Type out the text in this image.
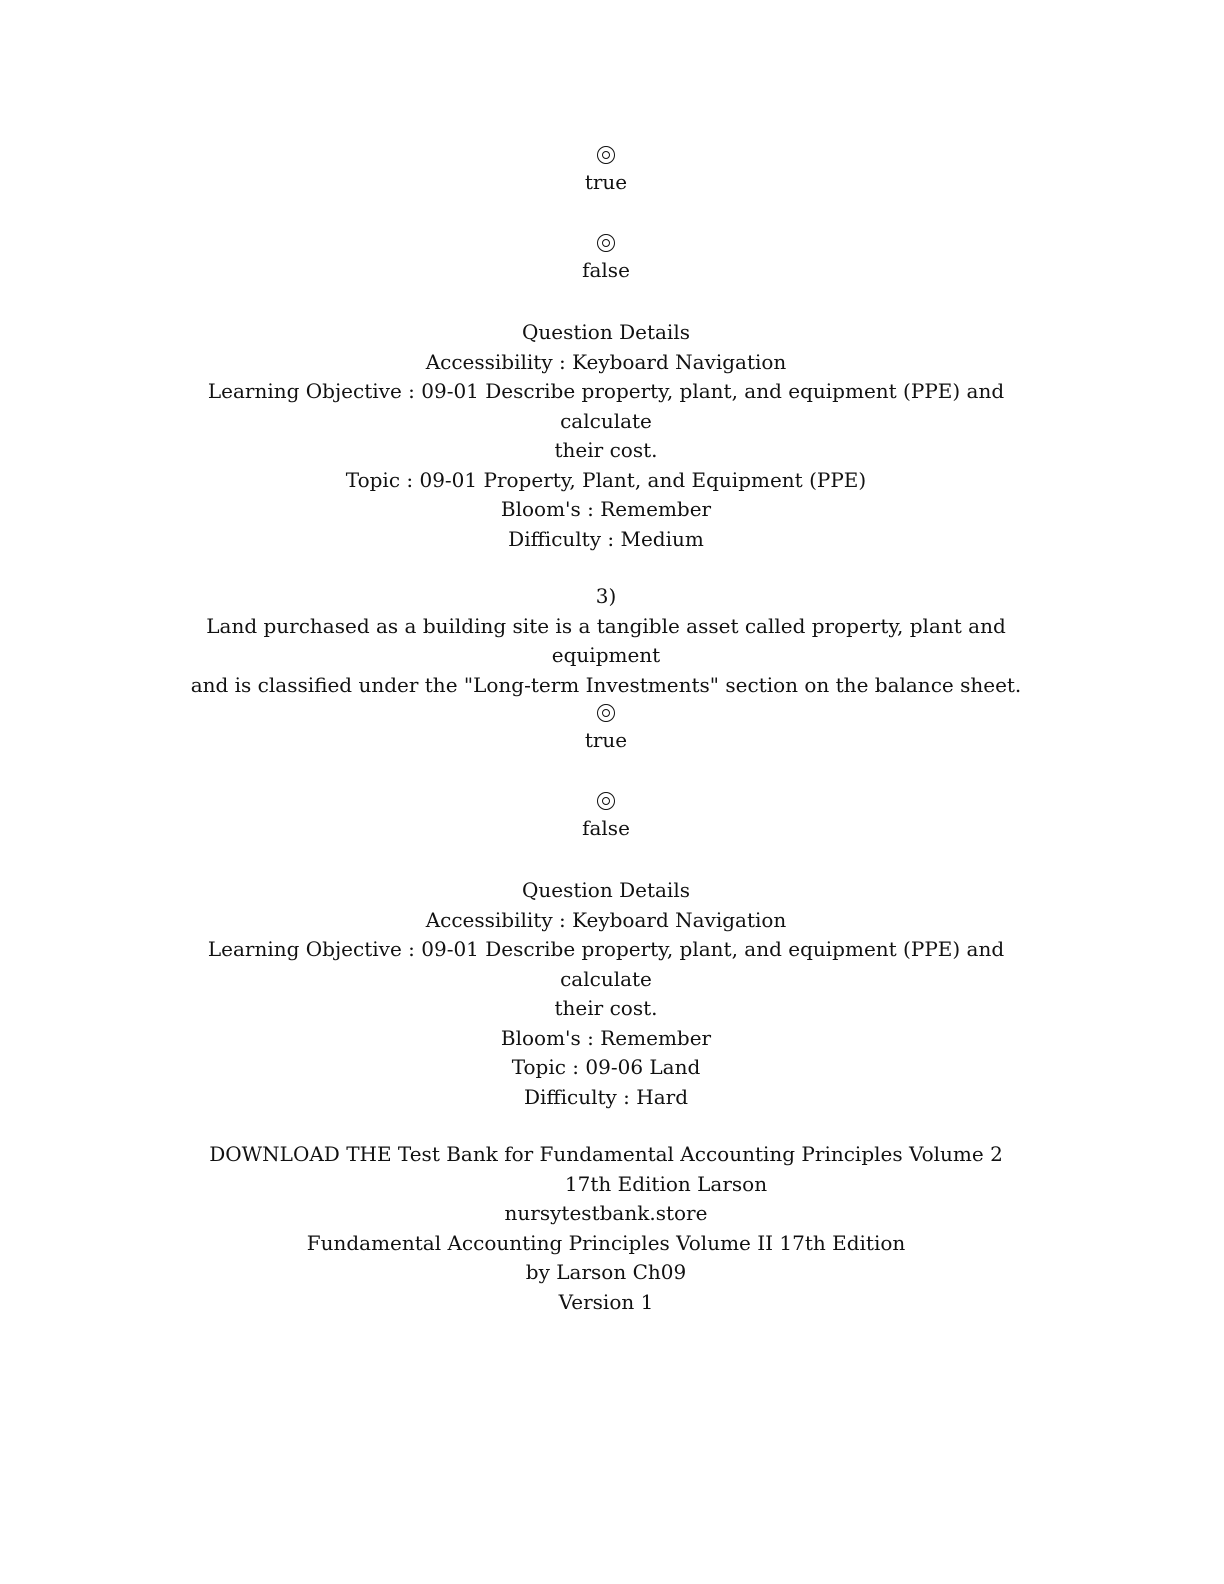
true
false
Question Details
Accessibility : Keyboard Navigation
Learning Objective : 09-01 Describe property, plant, and equipment (PPE) and calculate
their cost.
Topic : 09-01 Property, Plant, and Equipment (PPE)
Bloom's : Remember
Difficulty : Medium
3)
Land purchased as a building site is a tangible asset called property, plant and equipment
and is classified under the "Long-term Investments" section on the balance sheet.
true
false
Question Details
Accessibility : Keyboard Navigation
Learning Objective : 09-01 Describe property, plant, and equipment (PPE) and calculate
their cost.
Bloom's : Remember
Topic : 09-06 Land
Difficulty : Hard
DOWNLOAD THE Test Bank for Fundamental Accounting Principles Volume 2
17th Edition Larson
nursytestbank.store
Fundamental Accounting Principles Volume II 17th Edition
by Larson Ch09
Version 1
